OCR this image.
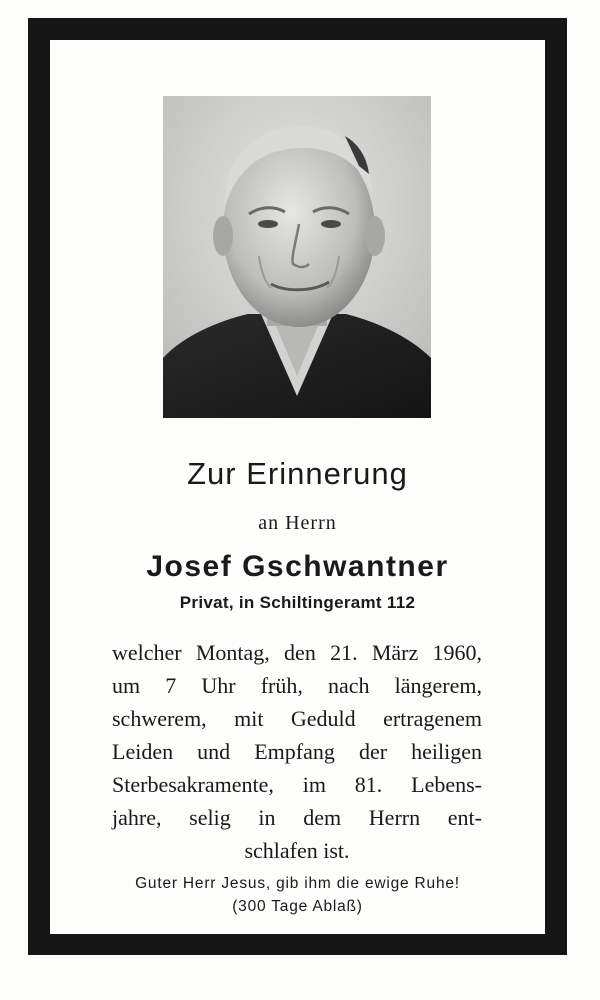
Zur Erinnerung
an Herrn
Josef Gschwantner
Privat, in Schiltingeramt 112
welcher Montag, den 21. März 1960,
um 7 Uhr früh, nach längerem,
schwerem, mit Geduld ertragenem
Leiden und Empfang der heiligen
Sterbesakramente, im 81. Lebens-
jahre, selig in dem Herrn ent-
schlafen ist.
Guter Herr Jesus, gib ihm die ewige Ruhe!
(300 Tage Ablaß)
